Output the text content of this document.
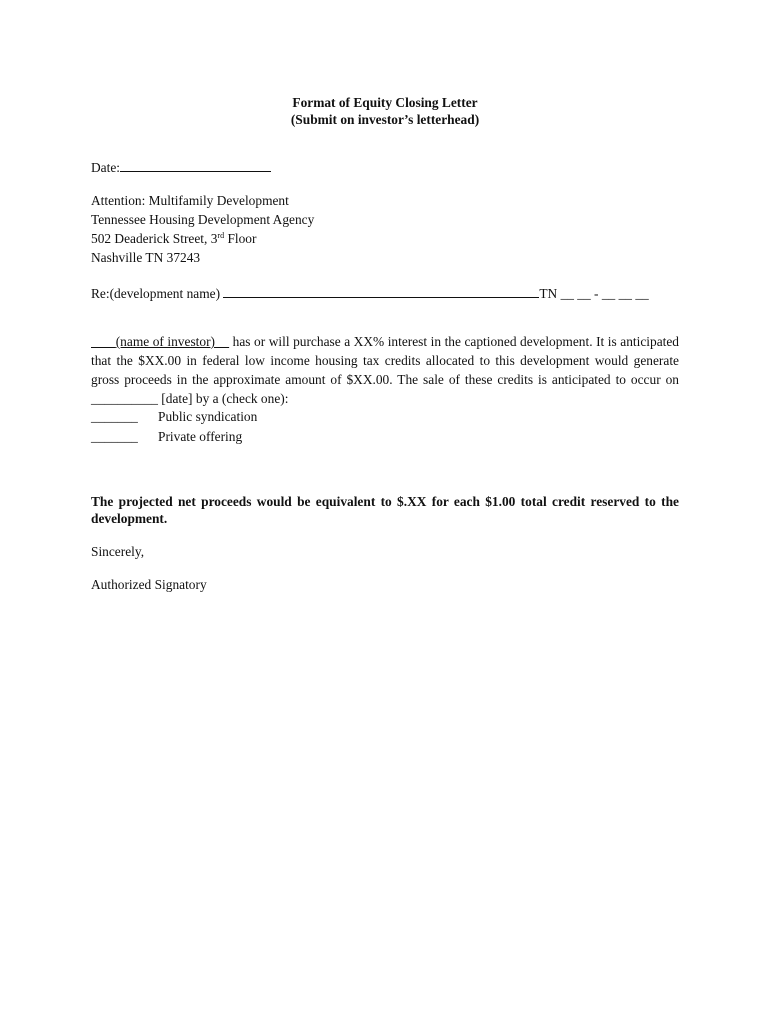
Format of Equity Closing Letter
(Submit on investor’s letterhead)
Date:
Attention: Multifamily Development
Tennessee Housing Development Agency
502 Deaderick Street, 3rd Floor
Nashville TN 37243
Re:(development name)	TN __ __ - __ __ __
(name of investor)     has or will purchase a XX% interest in the captioned development. It is anticipated that the $XX.00 in federal low income housing tax credits allocated to this development would generate gross proceeds in the approximate amount of $XX.00. The sale of these credits is anticipated to occur on __________ [date] by a (check one):
_______ Public syndication
_______ Private offering
The projected net proceeds would be equivalent to $.XX for each $1.00 total credit reserved to the development.
Sincerely,
Authorized Signatory
